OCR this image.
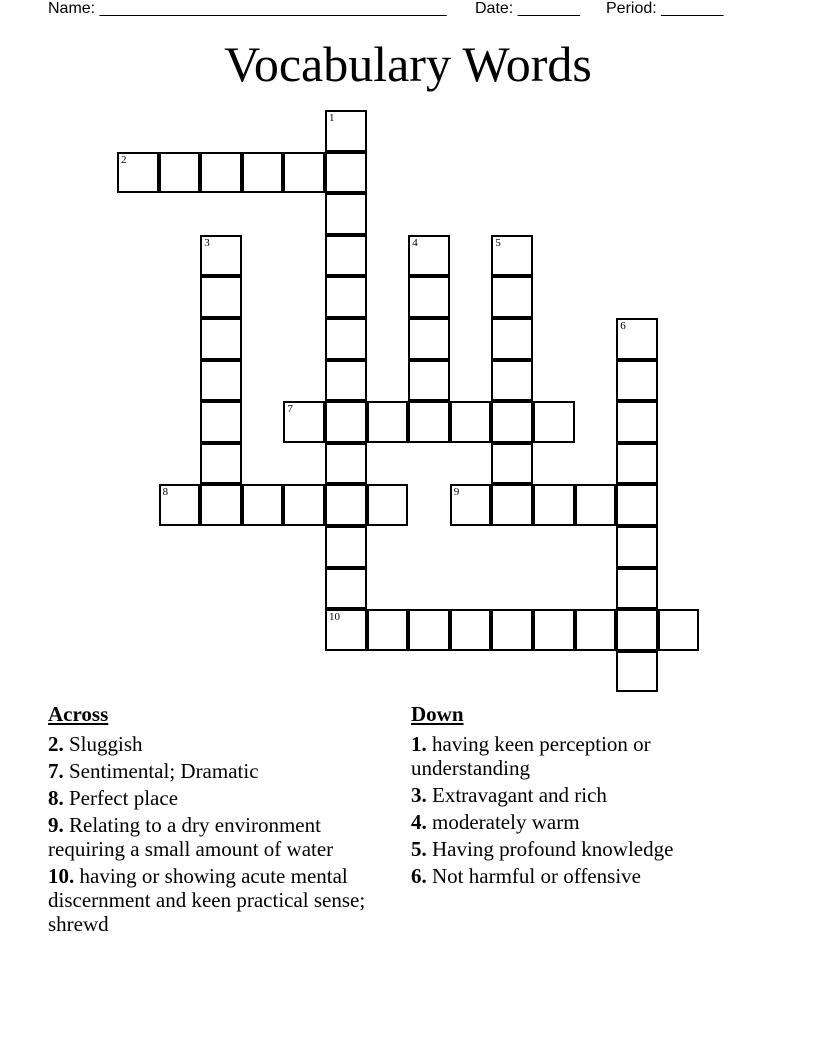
Name: _______________________________________ Date: _______ Period: _______
Vocabulary Words
1
10
2
3	4	5
6
7
8	9
Across
2. Sluggish
7. Sentimental; Dramatic
8. Perfect place
9. Relating to a dry environment requiring a small amount of water
10. having or showing acute mental discernment and keen practical sense; shrewd
Down
1. having keen perception or understanding
3. Extravagant and rich
4. moderately warm
5. Having profound knowledge
6. Not harmful or offensive
